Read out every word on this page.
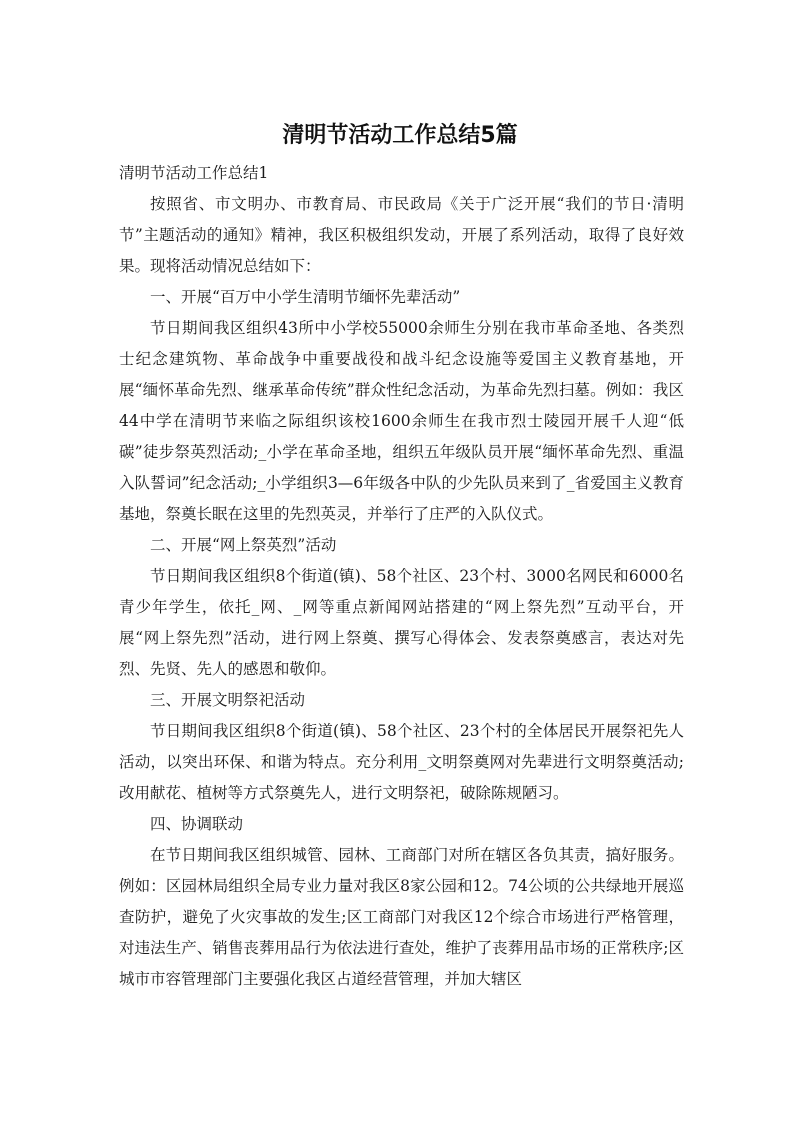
清明节活动工作总结5篇

清明节活动工作总结1

按照省、市文明办、市教育局、市民政局《关于广泛开展“我们的节日·清明节”主题活动的通知》精神，我区积极组织发动，开展了系列活动，取得了良好效果。现将活动情况总结如下：

一、开展“百万中小学生清明节缅怀先辈活动”

节日期间我区组织43所中小学校55000余师生分别在我市革命圣地、各类烈士纪念建筑物、革命战争中重要战役和战斗纪念设施等爱国主义教育基地，开展“缅怀革命先烈、继承革命传统”群众性纪念活动，为革命先烈扫墓。例如：我区44中学在清明节来临之际组织该校1600余师生在我市烈士陵园开展千人迎“低碳”徒步祭英烈活动;_小学在革命圣地，组织五年级队员开展“缅怀革命先烈、重温入队誓词”纪念活动;_小学组织3—6年级各中队的少先队员来到了_省爱国主义教育基地，祭奠长眠在这里的先烈英灵，并举行了庄严的入队仪式。

二、开展“网上祭英烈”活动

节日期间我区组织8个街道(镇)、58个社区、23个村、3000名网民和6000名青少年学生，依托_网、_网等重点新闻网站搭建的“网上祭先烈”互动平台，开展“网上祭先烈”活动，进行网上祭奠、撰写心得体会、发表祭奠感言，表达对先烈、先贤、先人的感恩和敬仰。

三、开展文明祭祀活动

节日期间我区组织8个街道(镇)、58个社区、23个村的全体居民开展祭祀先人活动，以突出环保、和谐为特点。充分利用_文明祭奠网对先辈进行文明祭奠活动;改用献花、植树等方式祭奠先人，进行文明祭祀，破除陈规陋习。

四、协调联动

在节日期间我区组织城管、园林、工商部门对所在辖区各负其责，搞好服务。例如：区园林局组织全局专业力量对我区8家公园和12。74公顷的公共绿地开展巡查防护，避免了火灾事故的发生;区工商部门对我区12个综合市场进行严格管理，对违法生产、销售丧葬用品行为依法进行查处，维护了丧葬用品市场的正常秩序;区城市市容管理部门主要强化我区占道经营管理，并加大辖区
